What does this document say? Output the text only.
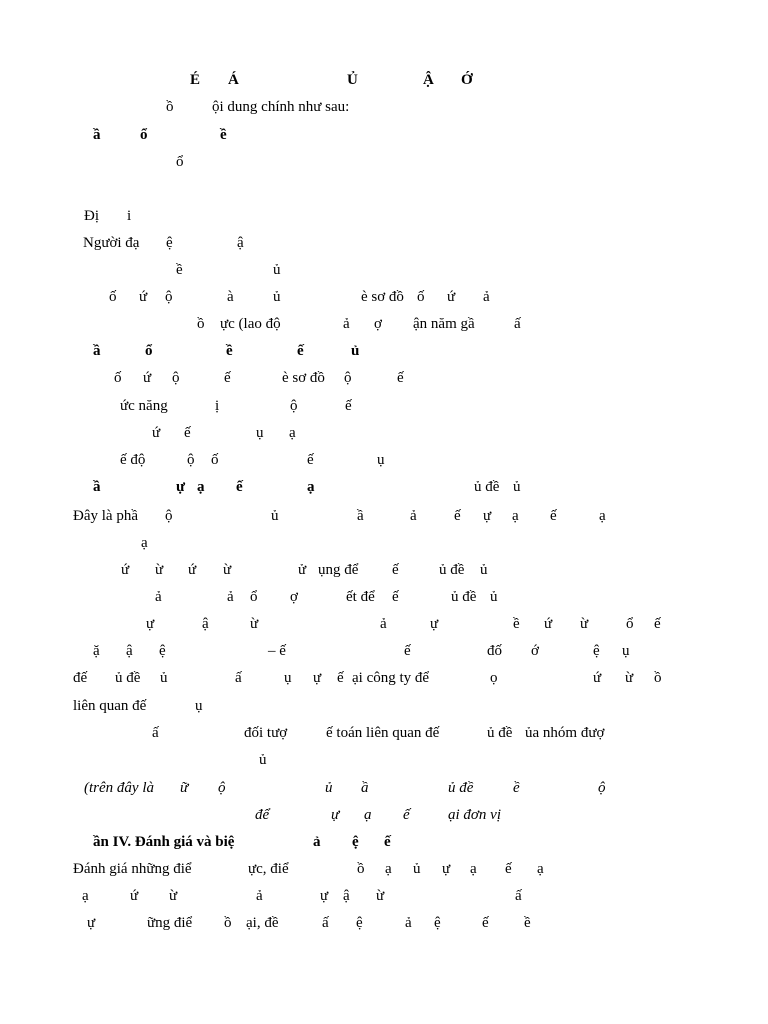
É Á	Ủ	Ậ Ớ
ồ	ội dung chính như sau:
ầ	ổ	ề
ổ
Đị i
Người đạ ệ	ậ
ề	ủ
ố ứ ộ	à	ủ	è sơ đồ ố ứ ả
ồ ực (lao độ	ả ợ ận năm gầ	ấ
ầ	ổ	ề	ế	ủ
ố ứ ộ	ế	è sơ đồ ộ	ế
ức năng	ị	ộ	ế
ứ ế	ụ ạ
ế độ	ộ ố	ế	ụ
ầ	ự ạ ế	ạ	ủ đề ủ
Đây là phầ ộ	ủ	ầ	ả ế ự ạ ế	ạ
ạ
ứ ừ ứ ừ	ử ụng để ế	ủ đề ủ
ả	ả ổ ợ	ết để ế	ủ đề ủ
ự	ậ	ừ	ả	ự	ề ứ ừ	ổ ế
ặ ậ ệ	– ế	ế	đố ớ	ệ ụ
đế ủ đề ủ	ấ	ụ ự ế ại công ty để	ọ	ứ ừ ồ
liên quan đế	ụ
ấ	đối tượ	ế toán liên quan đế	ủ đề ủa nhóm đượ
ủ
(trên đây là ữ ộ	ủ ầ	ủ đề	ề	ộ
để	ự ạ ế	ại đơn vị
ần IV. Đánh giá và biệ	ả ệ ế
Đánh giá những điể	ực, điể	ồ ạ ủ ự ạ ế ạ
ạ	ứ ừ	ả	ự ậ ừ	ấ
ự	ững điể ồ ại, đề	ấ ệ	ả ệ	ế ề
